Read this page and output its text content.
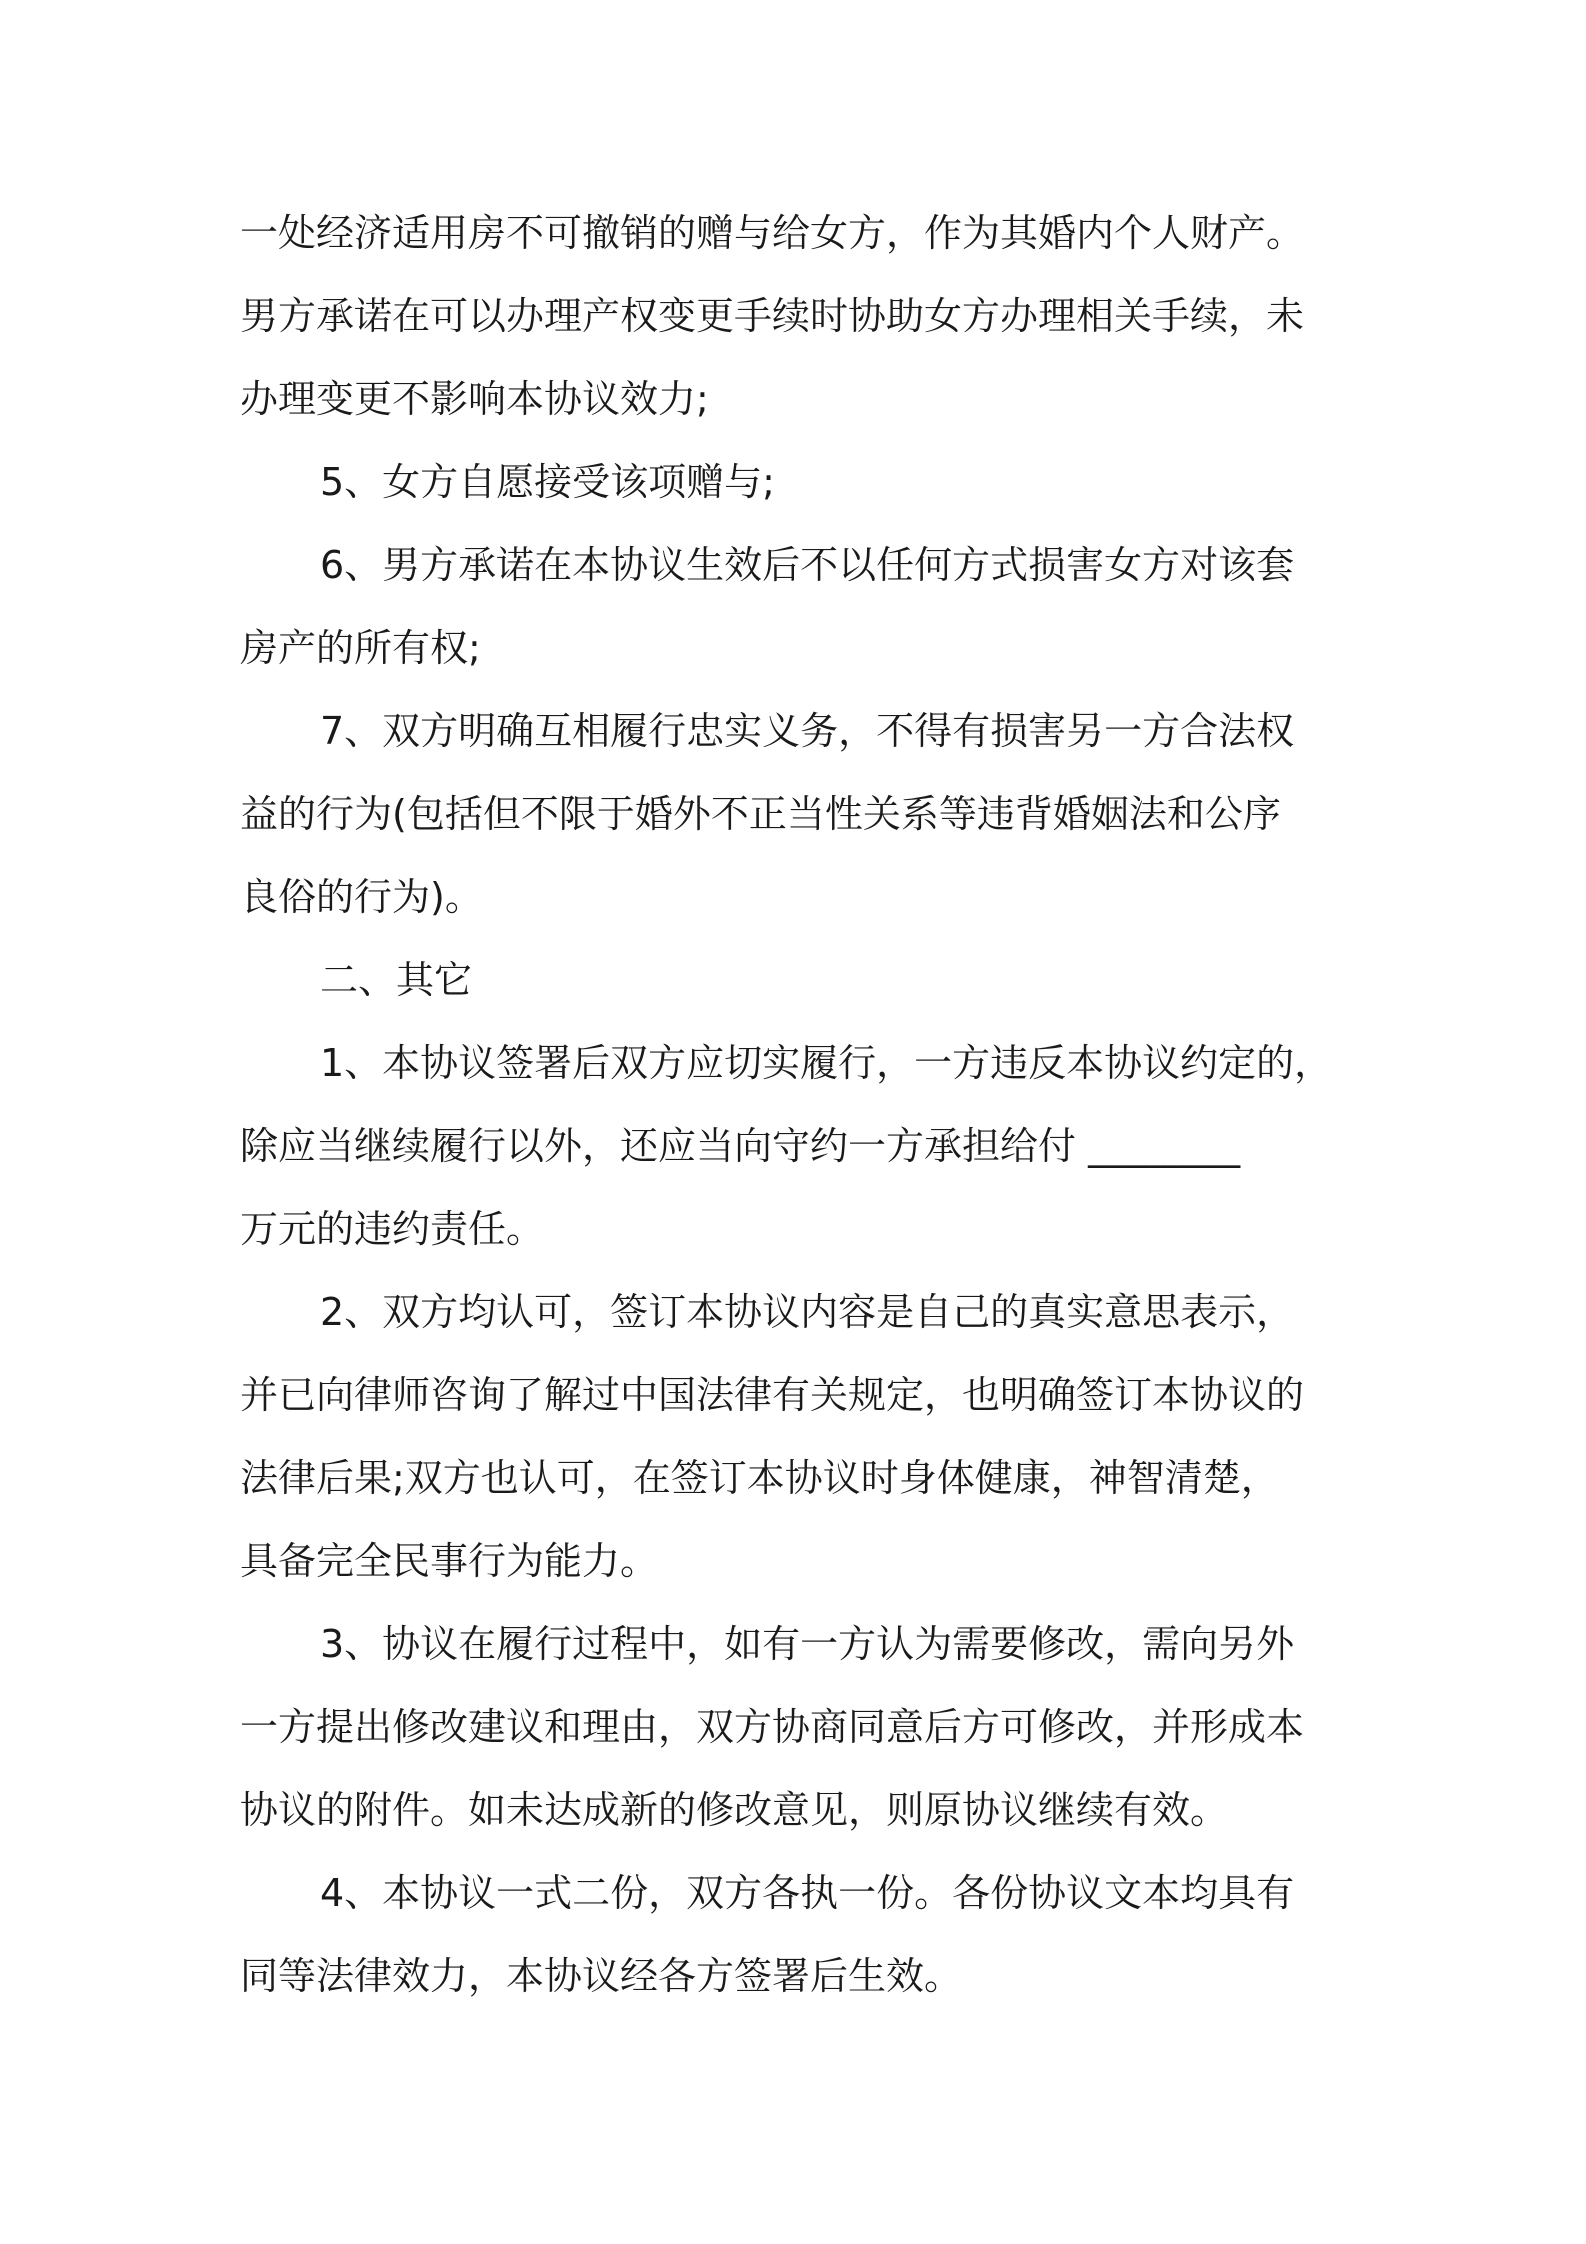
一处经济适用房不可撤销的赠与给女方，作为其婚内个人财产。
男方承诺在可以办理产权变更手续时协助女方办理相关手续，未
办理变更不影响本协议效力;
5、女方自愿接受该项赠与;
6、男方承诺在本协议生效后不以任何方式损害女方对该套
房产的所有权;
7、双方明确互相履行忠实义务，不得有损害另一方合法权
益的行为(包括但不限于婚外不正当性关系等违背婚姻法和公序
良俗的行为)。
二、其它
1、本协议签署后双方应切实履行，一方违反本协议约定的，
除应当继续履行以外，还应当向守约一方承担给付 ________
万元的违约责任。
2、双方均认可，签订本协议内容是自己的真实意思表示，
并已向律师咨询了解过中国法律有关规定，也明确签订本协议的
法律后果;双方也认可，在签订本协议时身体健康，神智清楚，
具备完全民事行为能力。
3、协议在履行过程中，如有一方认为需要修改，需向另外
一方提出修改建议和理由，双方协商同意后方可修改，并形成本
协议的附件。如未达成新的修改意见，则原协议继续有效。
4、本协议一式二份，双方各执一份。各份协议文本均具有
同等法律效力，本协议经各方签署后生效。
